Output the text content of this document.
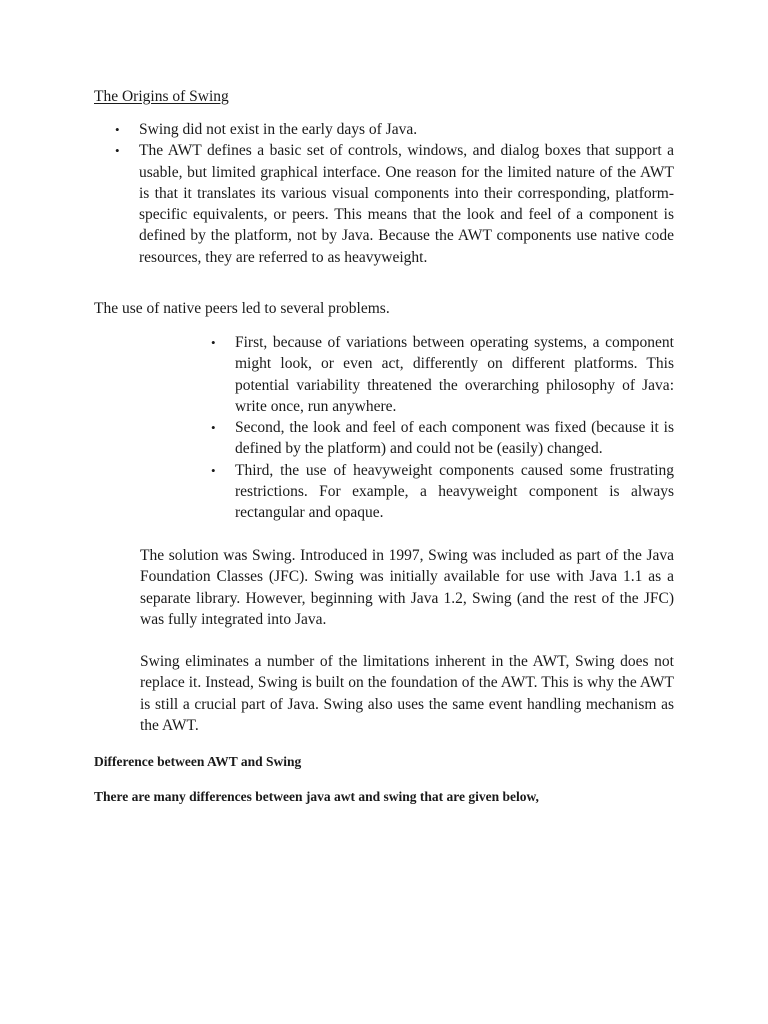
The Origins of Swing
• Swing did not exist in the early days of Java.
• The AWT defines a basic set of controls, windows, and dialog boxes that support a usable, but limited graphical interface. One reason for the limited nature of the AWT is that it translates its various visual components into their corresponding, platform-specific equivalents, or peers. This means that the look and feel of a component is defined by the platform, not by Java. Because the AWT components use native code resources, they are referred to as heavyweight.

The use of native peers led to several problems.

• First, because of variations between operating systems, a component might look, or even act, differently on different platforms. This potential variability threatened the overarching philosophy of Java: write once, run anywhere.
• Second, the look and feel of each component was fixed (because it is defined by the platform) and could not be (easily) changed.
• Third, the use of heavyweight components caused some frustrating restrictions. For example, a heavyweight component is always rectangular and opaque.

The solution was Swing. Introduced in 1997, Swing was included as part of the Java Foundation Classes (JFC). Swing was initially available for use with Java 1.1 as a separate library. However, beginning with Java 1.2, Swing (and the rest of the JFC) was fully integrated into Java.

Swing eliminates a number of the limitations inherent in the AWT, Swing does not replace it. Instead, Swing is built on the foundation of the AWT. This is why the AWT is still a crucial part of Java. Swing also uses the same event handling mechanism as the AWT.

Difference between AWT and Swing

There are many differences between java awt and swing that are given below,
